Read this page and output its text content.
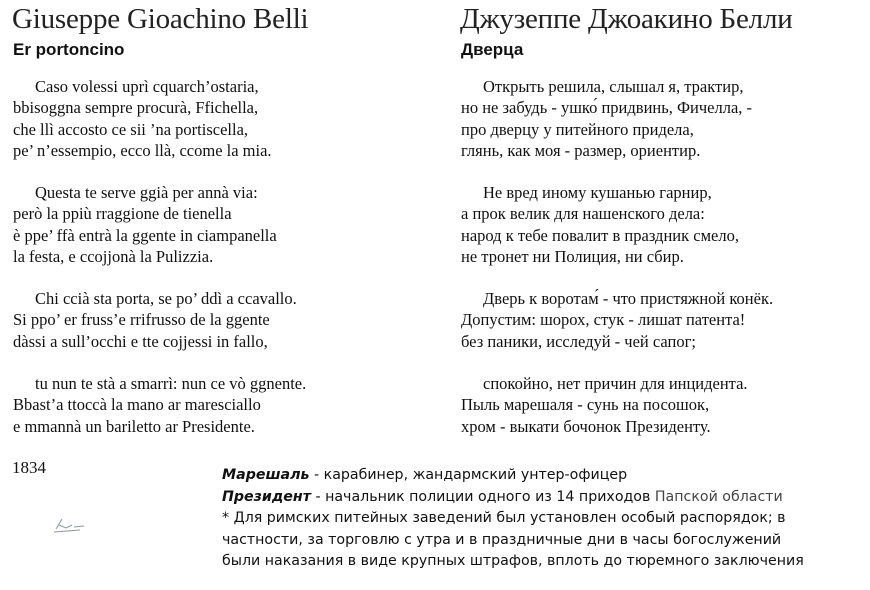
Giuseppe Gioachino Belli
Er portoncino
Caso volessi uprì cquarch’ostaria,
bbisoggna sempre procurà, Ffichella,
che llì accosto ce sii ’na portiscella,
pe’ n’essempio, ecco llà, ccome la mia.
Questa te serve ggià per annà via:
però la ppiù rraggione de tienella
è ppe’ ffà entrà la ggente in ciampanella
la festa, e ccojjonà la Pulizzia.
Chi ccià sta porta, se po’ ddì a ccavallo.
Si ppo’ er fruss’e rrifrusso de la ggente
dàssi a sull’occhi e tte cojjessi in fallo,
tu nun te stà a smarrì: nun ce vò ggnente.
Bbast’a ttoccà la mano ar maresciallo
e mmannà un bariletto ar Presidente.
Джузеппе Джоакино Белли
Дверца
Открыть решила, слышал я, трактир,
но не забудь - ушко́ придвинь, Фичелла, -
про дверцу у питейного придела,
глянь, как моя - размер, ориентир.
Не вред иному кушанью гарнир,
а прок велик для нашенского дела:
народ к тебе повалит в праздник смело,
не тронет ни Полиция, ни сбир.
Дверь к воротам́ - что пристяжной конёк.
Допустим: шорох, стук - лишат патента!
без паники, исследуй - чей сапог;
спокойно, нет причин для инцидента.
Пыль марешаля - сунь на посошок,
хром - выкати бочонок Президенту.
1834	Марешаль - карабинер, жандармский унтер-офицер
Президент - начальник полиции одного из 14 приходов Папской области
* Для римских питейных заведений был установлен особый распорядок; в
частности, за торговлю с утра и в праздничные дни в часы богослужений
были наказания в виде крупных штрафов, вплоть до тюремного заключения
